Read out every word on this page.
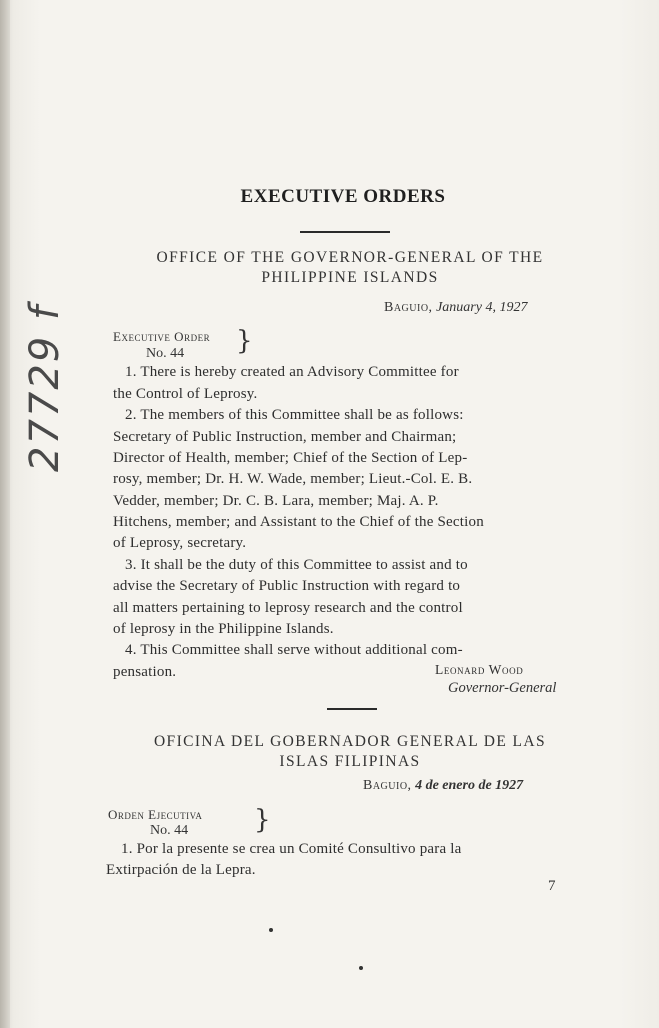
EXECUTIVE ORDERS
OFFICE OF THE GOVERNOR-GENERAL OF THE
PHILIPPINE ISLANDS
Baguio, January 4, 1927
Executive Order
No. 44 }
1. There is hereby created an Advisory Committee for
the Control of Leprosy.
2. The members of this Committee shall be as follows:
Secretary of Public Instruction, member and Chairman;
Director of Health, member; Chief of the Section of Lep-
rosy, member; Dr. H. W. Wade, member; Lieut.-Col. E. B.
Vedder, member; Dr. C. B. Lara, member; Maj. A. P.
Hitchens, member; and Assistant to the Chief of the Section
of Leprosy, secretary.
3. It shall be the duty of this Committee to assist and to
advise the Secretary of Public Instruction with regard to
all matters pertaining to leprosy research and the control
of leprosy in the Philippine Islands.
4. This Committee shall serve without additional com-
pensation.	Leonard Wood
Governor-General
OFICINA DEL GOBERNADOR GENERAL DE LAS
ISLAS FILIPINAS
Baguio, 4 de enero de 1927
Orden Ejecutiva
No. 44	}
1. Por la presente se crea un Comité Consultivo para la
Extirpación de la Lepra.
7
27729 f
